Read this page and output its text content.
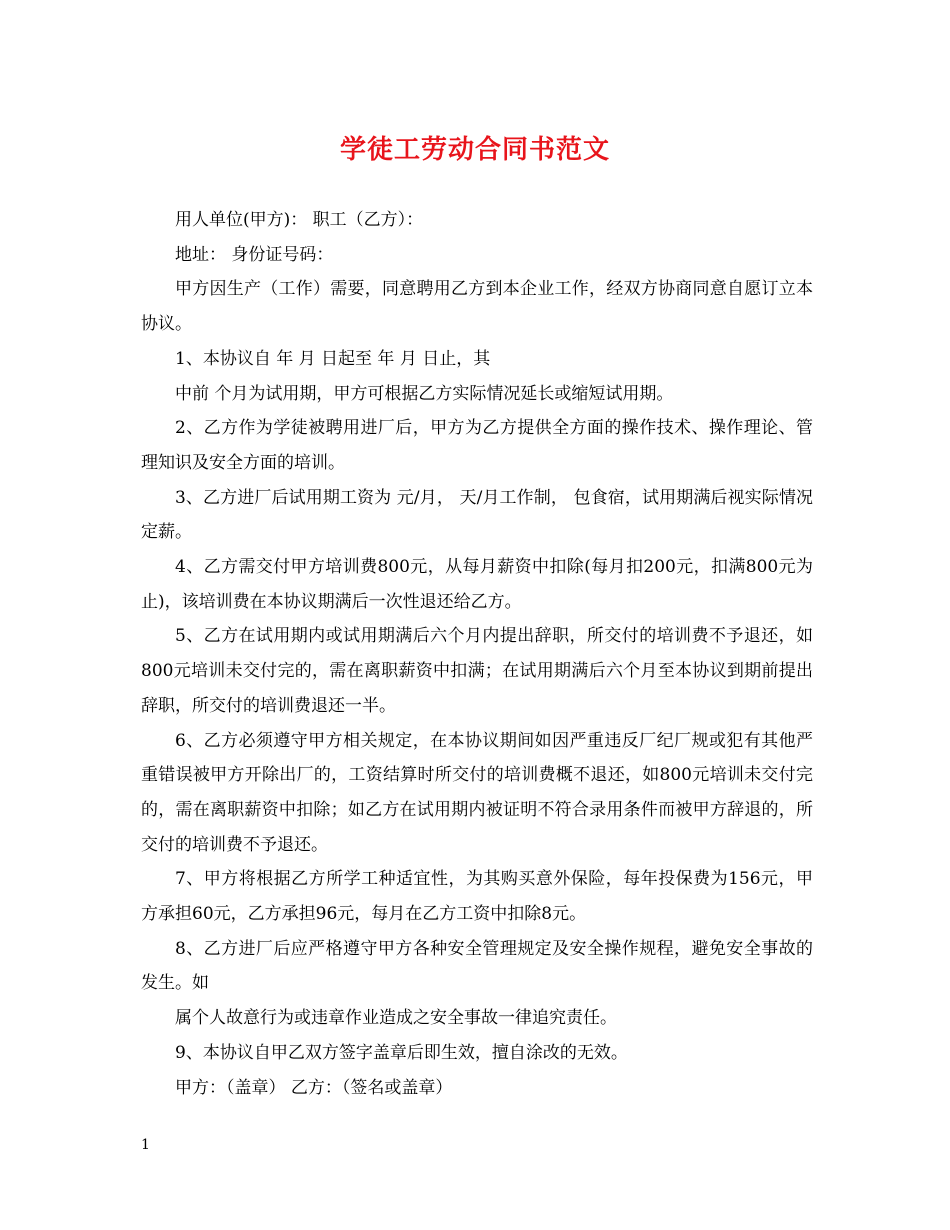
学徒工劳动合同书范文

用人单位(甲方)： 职工（乙方）：

地址： 身份证号码：

甲方因生产（工作）需要，同意聘用乙方到本企业工作，经双方协商同意自愿订立本协议。

1、本协议自 年 月 日起至 年 月 日止，其

中前 个月为试用期，甲方可根据乙方实际情况延长或缩短试用期。

2、乙方作为学徒被聘用进厂后，甲方为乙方提供全方面的操作技术、操作理论、管理知识及安全方面的培训。

3、乙方进厂后试用期工资为 元/月， 天/月工作制， 包食宿，试用期满后视实际情况定薪。

4、乙方需交付甲方培训费800元，从每月薪资中扣除(每月扣200元，扣满800元为止)，该培训费在本协议期满后一次性退还给乙方。

5、乙方在试用期内或试用期满后六个月内提出辞职，所交付的培训费不予退还，如800元培训未交付完的，需在离职薪资中扣满；在试用期满后六个月至本协议到期前提出辞职，所交付的培训费退还一半。

6、乙方必须遵守甲方相关规定，在本协议期间如因严重违反厂纪厂规或犯有其他严重错误被甲方开除出厂的，工资结算时所交付的培训费概不退还，如800元培训未交付完的，需在离职薪资中扣除；如乙方在试用期内被证明不符合录用条件而被甲方辞退的，所交付的培训费不予退还。

7、甲方将根据乙方所学工种适宜性，为其购买意外保险，每年投保费为156元，甲方承担60元，乙方承担96元，每月在乙方工资中扣除8元。

8、乙方进厂后应严格遵守甲方各种安全管理规定及安全操作规程，避免安全事故的发生。如

属个人故意行为或违章作业造成之安全事故一律追究责任。

9、本协议自甲乙双方签字盖章后即生效，擅自涂改的无效。

甲方：（盖章） 乙方：（签名或盖章）

1
